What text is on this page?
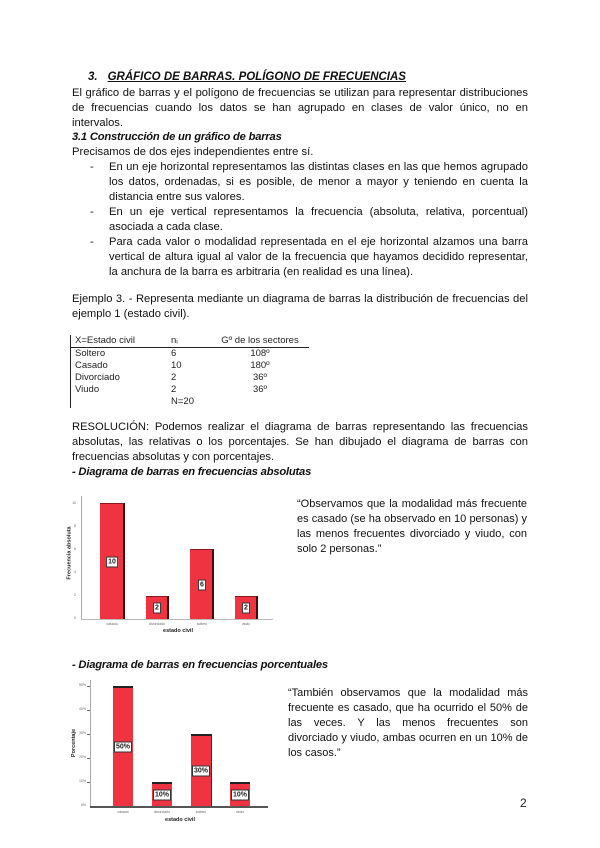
3. GRÁFICO DE BARRAS. POLÍGONO DE FRECUENCIAS
El gráfico de barras y el polígono de frecuencias se utilizan para representar distribuciones de frecuencias cuando los datos se han agrupado en clases de valor único, no en intervalos.
3.1 Construcción de un gráfico de barras
Precisamos de dos ejes independientes entre sí.
- En un eje horizontal representamos las distintas clases en las que hemos agrupado los datos, ordenadas, si es posible, de menor a mayor y teniendo en cuenta la distancia entre sus valores.
- En un eje vertical representamos la frecuencia (absoluta, relativa, porcentual) asociada a cada clase.
- Para cada valor o modalidad representada en el eje horizontal alzamos una barra vertical de altura igual al valor de la frecuencia que hayamos decidido representar, la anchura de la barra es arbitraria (en realidad es una línea).
Ejemplo 3. - Representa mediante un diagrama de barras la distribución de frecuencias del ejemplo 1 (estado civil).
X=Estado civil	nᵢ	Gº de los sectores
Soltero	6	108º
Casado	10	180º
Divorciado	2	36º
Viudo	2	36º
	N=20	
RESOLUCIÓN: Podemos realizar el diagrama de barras representando las frecuencias absolutas, las relativas o los porcentajes. Se han dibujado el diagrama de barras con frecuencias absolutas y con porcentajes.
- Diagrama de barras en frecuencias absolutas
Frecuencia absoluta
0
2
4
6
8
10
10
2
6
2
casado	divorciado	soltero	viudo
estado civil
“Observamos que la modalidad más frecuente es casado (se ha observado en 10 personas) y las menos frecuentes divorciado y viudo, con solo 2 personas.”
- Diagrama de barras en frecuencias porcentuales
Porcentaje
0%
10%
20%
30%
40%
50%
50%
10%
30%
10%
casado	divorciado	soltero	viudo
estado civil
“También observamos que la modalidad más frecuente es casado, que ha ocurrido el 50% de las veces. Y las menos frecuentes son divorciado y viudo, ambas ocurren en un 10% de los casos.”
2
